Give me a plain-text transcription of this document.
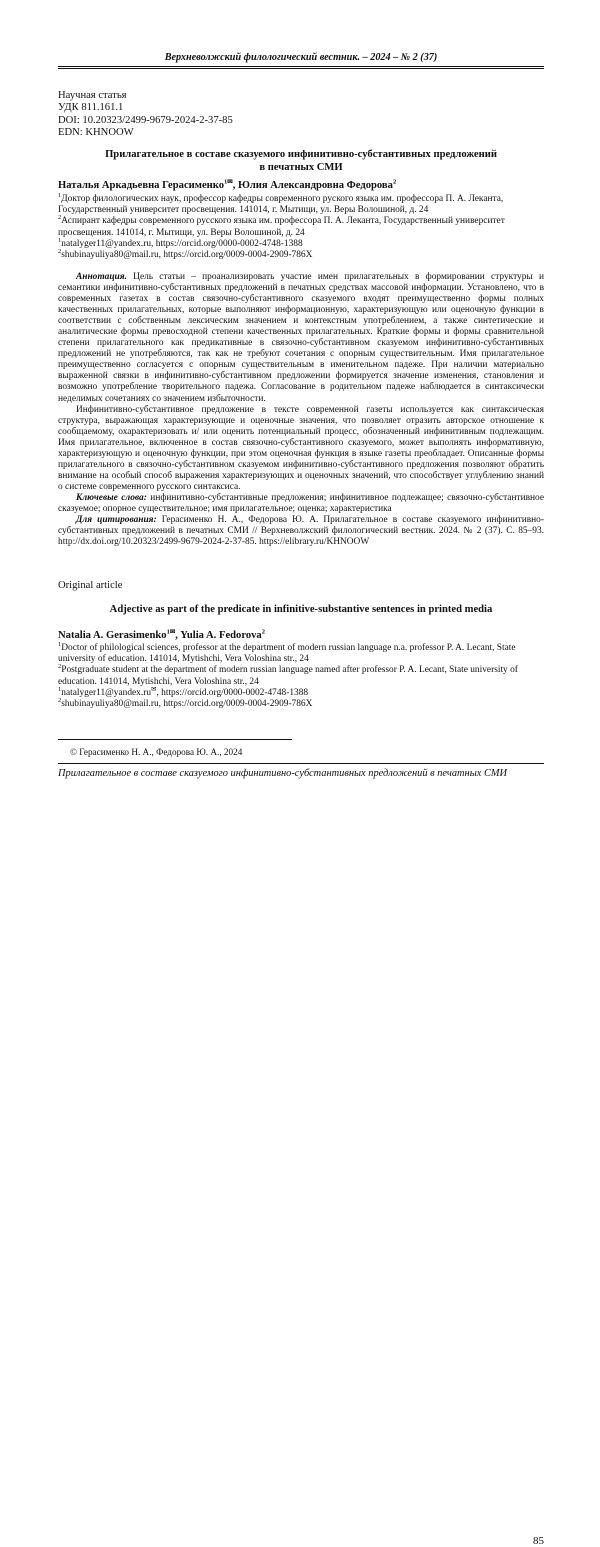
Верхневолжский филологический вестник. – 2024 – № 2 (37)
Научная статья
УДК 811.161.1
DOI: 10.20323/2499-9679-2024-2-37-85
EDN: KHNOOW
Прилагательное в составе сказуемого инфинитивно-субстантивных предложений
в печатных СМИ
Наталья Аркадьевна Герасименко$^{1✉}$, Юлия Александровна Федорова$^2$

$^1$Доктор филологических наук, профессор кафедры современного руского языка им. профессора П. А. Леканта, Государственный университет просвещения. 141014, г. Мытищи, ул. Веры Волошиной, д. 24

$^2$Аспирант кафедры современного русского языка им. профессора П. А. Леканта, Государственный университет просвещения. 141014, г. Мытищи, ул. Веры Волошиной, д. 24

$^1$natalyger11@yandex.ru, https://orcid.org/0000-0002-4748-1388

$^2$shubinayuliya80@mail.ru, https://orcid.org/0009-0004-2909-786X

Аннотация. Цель статьи – проанализировать участие имен прилагательных в формировании структуры и семантики инфинитивно-субстантивных предложений в печатных средствах массовой информации. Установлено, что в современных газетах в состав связочно-субстантивного сказуемого входят преимущественно формы полных качественных прилагательных, которые выполняют информационную, характеризующую или оценочную функции в соответствии с собственным лексическим значением и контекстным употреблением, а также синтетические и аналитические формы превосходной степени качественных прилагательных. Краткие формы и формы сравнительной степени прилагательного как предикативные в связочно-субстантивном сказуемом инфинитивно-субстантивных предложений не употребляются, так как не требуют сочетания с опорным существительным. Имя прилагательное преимущественно согласуется с опорным существительным в именительном падеже. При наличии материально выраженной связки в инфинитивно-субстантивном предложении формируется значение изменения, становления и возможно употребление творительного падежа. Согласование в родительном падеже наблюдается в синтаксически неделимых сочетаниях со значением избыточности.

Инфинитивно-субстантивное предложение в тексте современной газеты используется как синтаксическая структура, выражающая характеризующие и оценочные значения, что позволяет отразить авторское отношение к сообщаемому, охарактеризовать и/ или оценить потенциальный процесс, обозначенный инфинитивным подлежащим. Имя прилагательное, включенное в состав связочно-субстантивного сказуемого, может выполнять информативную, характеризующую и оценочную функции, при этом оценочная функция в языке газеты преобладает. Описанные формы прилагательного в связочно-субстантивном сказуемом инфинитивно-субстантивного предложения позволяют обратить внимание на особый способ выражения характеризующих и оценочных значений, что способствует углублению знаний о системе современного русского синтаксиса.

Ключевые слова: инфинитивно-субстантивные предложения; инфинитивное подлежащее; связочно-субстантивное сказуемое; опорное существительное; имя прилагательное; оценка; характеристика

Для цитирования: Герасименко Н. А., Федорова Ю. А. Прилагательное в составе сказуемого инфинитивно-субстантивных предложений в печатных СМИ // Верхневолжский филологический вестник. 2024. № 2 (37). С. 85–93. http://dx.doi.org/10.20323/2499-9679-2024-2-37-85. https://elibrary.ru/KHNOOW

Original article
Adjective as part of the predicate in infinitive-substantive sentences in printed media
Natalia A. Gerasimenko$^{1✉}$, Yulia A. Fedorova$^2$

$^1$Doctor of philological sciences, professor at the department of modern russian language n.a. professor P. A. Lecant, State university of education. 141014, Mytishchi, Vera Voloshina str., 24

$^2$Postgraduate student at the department of modern russian language named after professor P. A. Lecant, State university of education. 141014, Mytishchi, Vera Voloshina str., 24

$^1$natalyger11@yandex.ru✉, https://orcid.org/0000-0002-4748-1388

$^2$shubinayuliya80@mail.ru, https://orcid.org/0009-0004-2909-786X

© Герасименко Н. А., Федорова Ю. А., 2024
Прилагательное в составе сказуемого инфинитивно-субстантивных предложений в печатных СМИ
85
